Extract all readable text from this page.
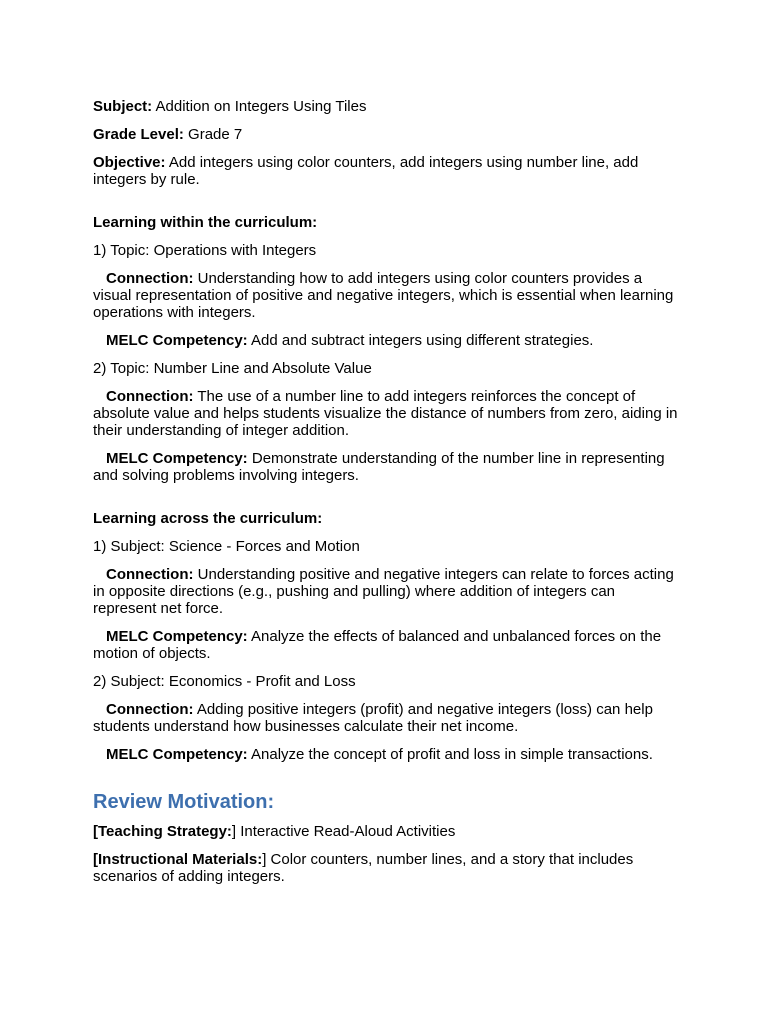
Subject: Addition on Integers Using Tiles

Grade Level: Grade 7

Objective: Add integers using color counters, add integers using number line, add integers by rule.

Learning within the curriculum:

1) Topic: Operations with Integers

Connection: Understanding how to add integers using color counters provides a visual representation of positive and negative integers, which is essential when learning operations with integers.

MELC Competency: Add and subtract integers using different strategies.

2) Topic: Number Line and Absolute Value

Connection: The use of a number line to add integers reinforces the concept of absolute value and helps students visualize the distance of numbers from zero, aiding in their understanding of integer addition.

MELC Competency: Demonstrate understanding of the number line in representing and solving problems involving integers.

Learning across the curriculum:

1) Subject: Science - Forces and Motion

Connection: Understanding positive and negative integers can relate to forces acting in opposite directions (e.g., pushing and pulling) where addition of integers can represent net force.

MELC Competency: Analyze the effects of balanced and unbalanced forces on the motion of objects.

2) Subject: Economics - Profit and Loss

Connection: Adding positive integers (profit) and negative integers (loss) can help students understand how businesses calculate their net income.

MELC Competency: Analyze the concept of profit and loss in simple transactions.

Review Motivation:

[Teaching Strategy:] Interactive Read-Aloud Activities

[Instructional Materials:] Color counters, number lines, and a story that includes scenarios of adding integers.
